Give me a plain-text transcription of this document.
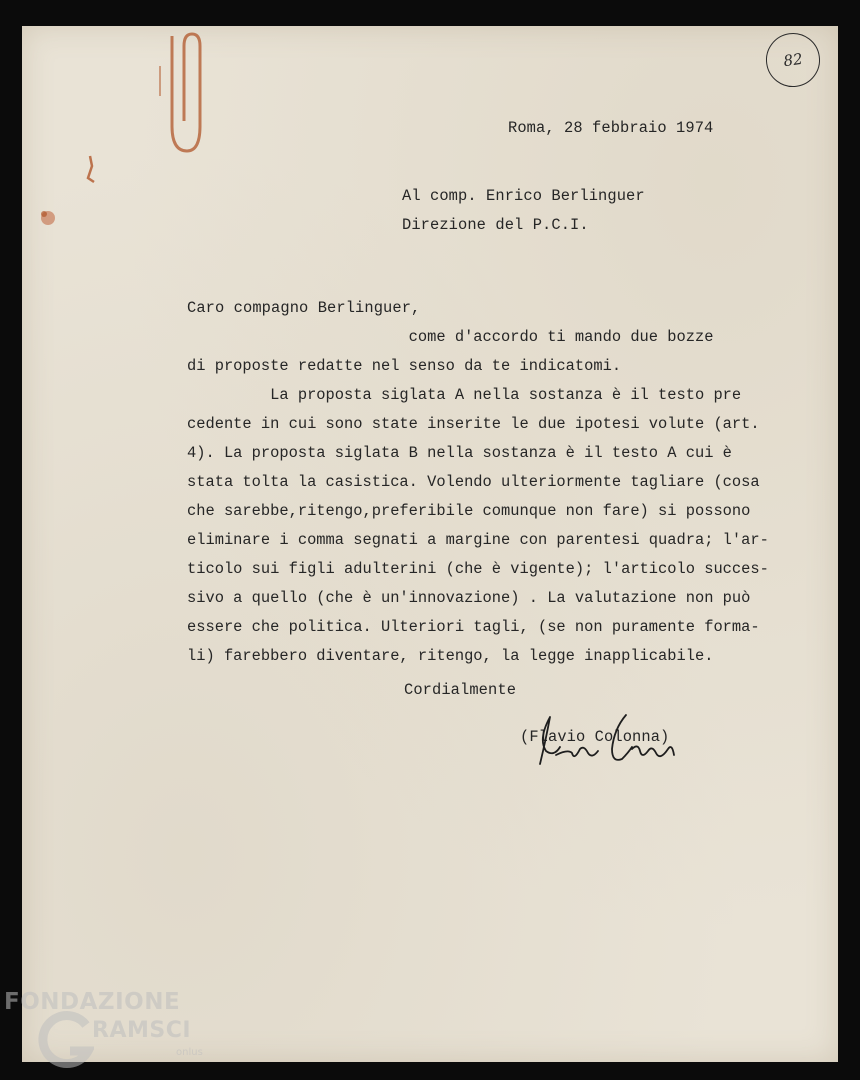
82
Roma, 28 febbraio 1974
Al comp. Enrico Berlinguer
Direzione del P.C.I.
Caro compagno Berlinguer,
come d'accordo ti mando due bozze
di proposte redatte nel senso da te indicatomi.
La proposta siglata A nella sostanza è il testo pre
cedente in cui sono state inserite le due ipotesi volute (art.
4). La proposta siglata B nella sostanza è il testo A cui è
stata tolta la casistica. Volendo ulteriormente tagliare (cosa
che sarebbe,ritengo,preferibile comunque non fare) si possono
eliminare i comma segnati a margine con parentesi quadra; l'ar-
ticolo sui figli adulterini (che è vigente); l'articolo succes-
sivo a quello (che è un'innovazione) . La valutazione non può
essere che politica. Ulteriori tagli, (se non puramente forma-
li) farebbero diventare, ritengo, la legge inapplicabile.
Cordialmente
(Flavio Colonna)
FONDAZIONE
RAMSCI
onlus
